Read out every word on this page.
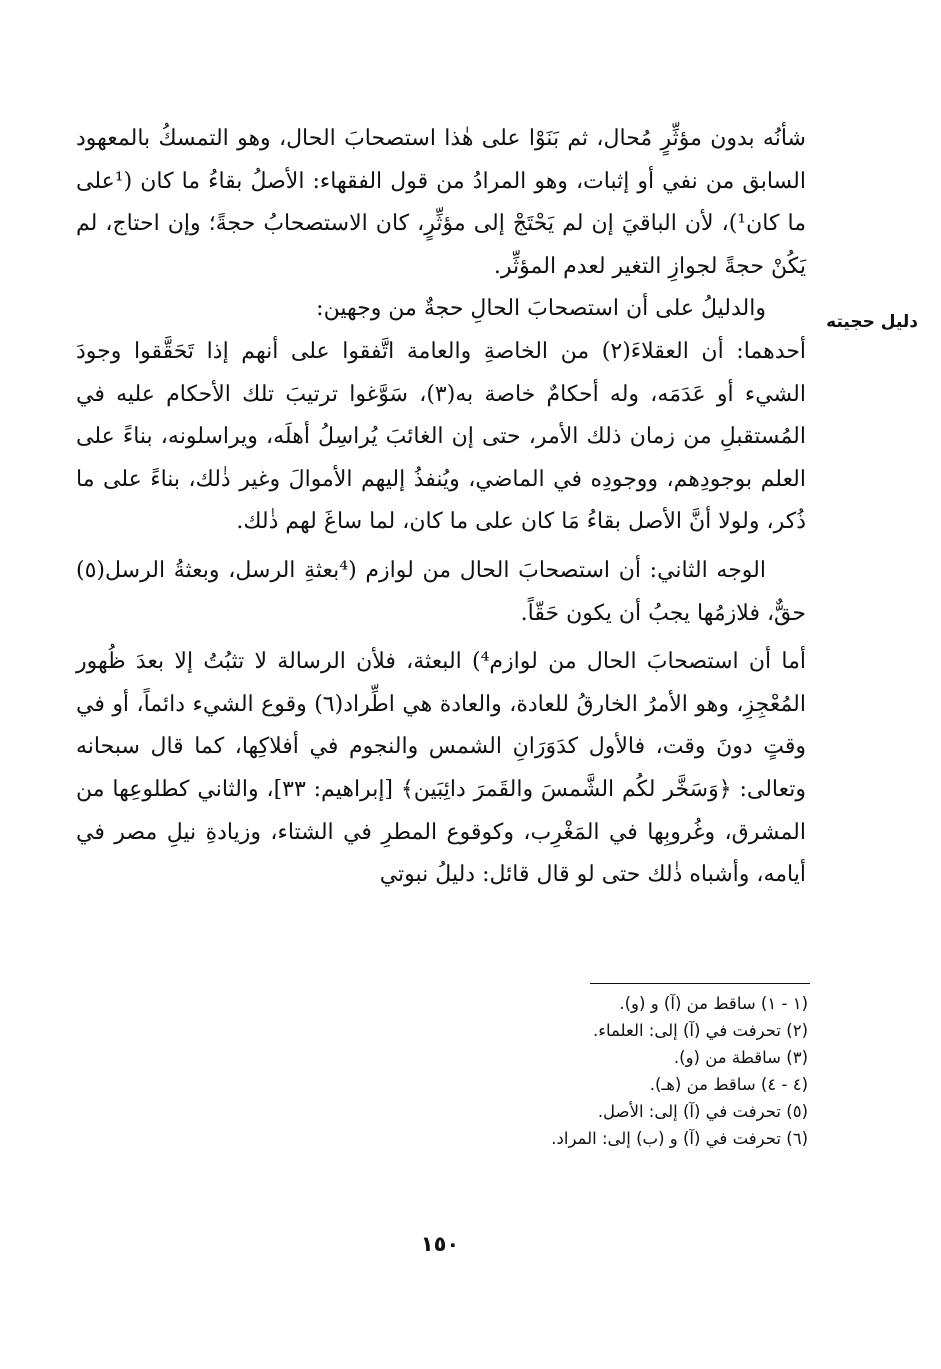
شأنُه بدون مؤثِّرٍ مُحال، ثم بَنَوْا على هٰذا استصحابَ الحال، وهو التمسكُ بالمعهود السابق من نفي أو إثبات، وهو المرادُ من قول الفقهاء: الأصلُ بقاءُ ما كان (¹على ما كان¹)، لأن الباقيَ إن لم يَحْتَجْ إلى مؤثِّرٍ، كان الاستصحابُ حجةً؛ وإن احتاج، لم يَكُنْ حجةً لجوازِ التغير لعدم المؤثِّر.

والدليلُ على أن استصحابَ الحالِ حجةٌ من وجهين:

أحدهما: أن العقلاءَ(٢) من الخاصةِ والعامة اتَّفقوا على أنهم إذا تَحَقَّقوا وجودَ الشيء أو عَدَمَه، وله أحكامٌ خاصة به(٣)، سَوَّغوا ترتيبَ تلك الأحكام عليه في المُستقبلِ من زمان ذلك الأمر، حتى إن الغائبَ يُراسِلُ أهلَه، ويراسلونه، بناءً على العلم بوجودِهم، ووجودِه في الماضي، ويُنفذُ إليهم الأموالَ وغير ذٰلك، بناءً على ما ذُكر، ولولا أنَّ الأصل بقاءُ مَا كان على ما كان، لما ساغَ لهم ذٰلك.

الوجه الثاني: أن استصحابَ الحال من لوازم (⁴بعثةِ الرسل، وبعثةُ الرسل(٥) حقٌّ، فلازمُها يجبُ أن يكون حَقّاً.

أما أن استصحابَ الحال من لوازم⁴) البعثة، فلأن الرسالة لا تثبُتُ إلا بعدَ ظُهور المُعْجِزِ، وهو الأمرُ الخارقُ للعادة، والعادة هي اطِّراد(٦) وقوع الشيء دائماً، أو في وقتٍ دونَ وقت، فالأول كدَوَرَانِ الشمس والنجوم في أفلاكِها، كما قال سبحانه وتعالى: ﴿وَسَخَّر لكُم الشَّمسَ والقَمرَ دائِبَين﴾ [إبراهيم: ٣٣]، والثاني كطلوعِها من المشرق، وغُروبِها في المَغْرِب، وكوقوع المطرِ في الشتاء، وزيادةِ نيلِ مصر في أيامه، وأشباه ذٰلك حتى لو قال قائل: دليلُ نبوتي

دليل حجيته
(١ - ١) ساقط من (آ) و (و).
(٢) تحرفت في (آ) إلى: العلماء.
(٣) ساقطة من (و).
(٤ - ٤) ساقط من (هـ).
(٥) تحرفت في (آ) إلى: الأصل.
(٦) تحرفت في (آ) و (ب) إلى: المراد.
١٥٠
